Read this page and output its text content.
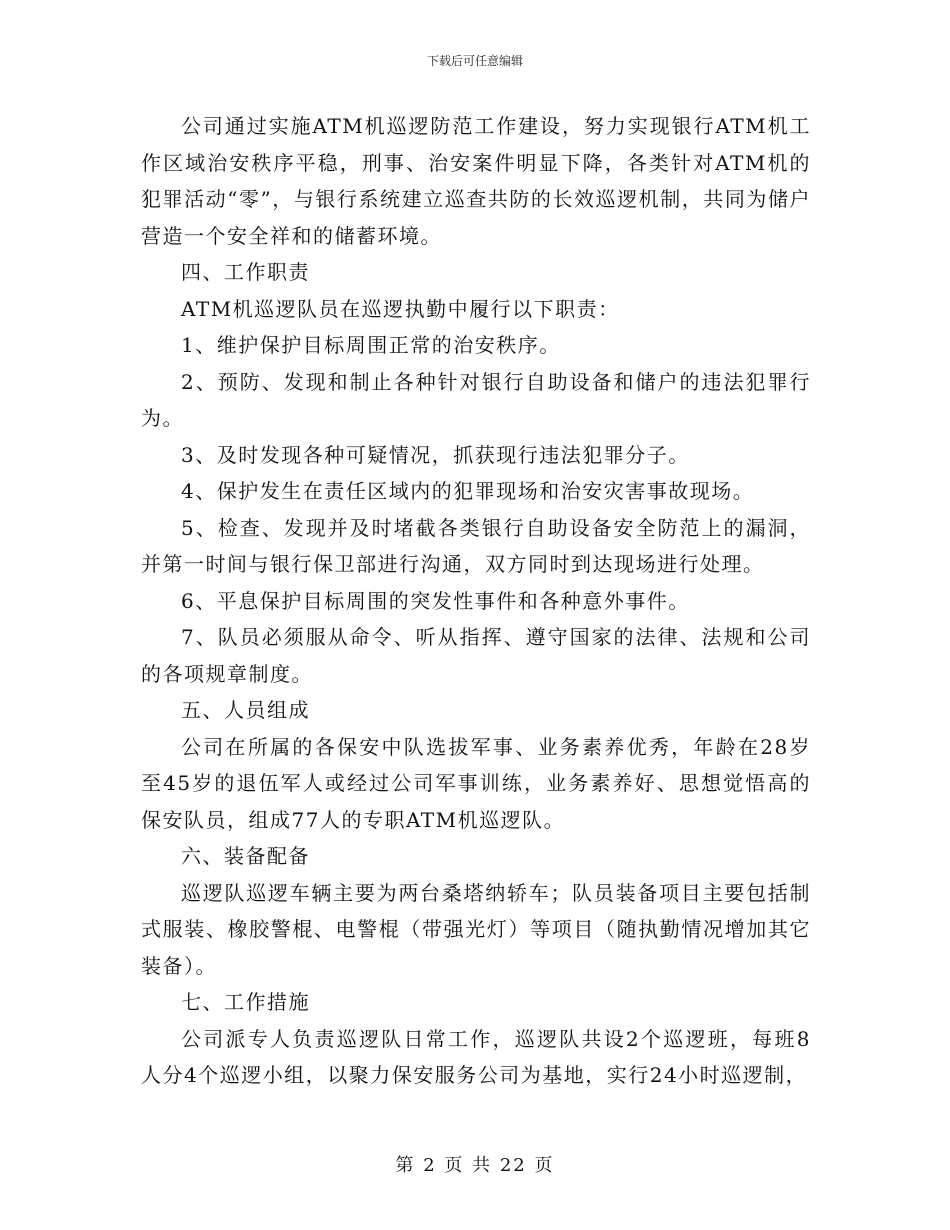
下载后可任意编辑

公司通过实施ATM机巡逻防范工作建设，努力实现银行ATM机工作区域治安秩序平稳，刑事、治安案件明显下降，各类针对ATM机的犯罪活动“零”，与银行系统建立巡查共防的长效巡逻机制，共同为储户营造一个安全祥和的储蓄环境。

四、工作职责

ATM机巡逻队员在巡逻执勤中履行以下职责：

1、维护保护目标周围正常的治安秩序。

2、预防、发现和制止各种针对银行自助设备和储户的违法犯罪行为。

3、及时发现各种可疑情况，抓获现行违法犯罪分子。

4、保护发生在责任区域内的犯罪现场和治安灾害事故现场。

5、检查、发现并及时堵截各类银行自助设备安全防范上的漏洞，并第一时间与银行保卫部进行沟通，双方同时到达现场进行处理。

6、平息保护目标周围的突发性事件和各种意外事件。

7、队员必须服从命令、听从指挥、遵守国家的法律、法规和公司的各项规章制度。

五、人员组成

公司在所属的各保安中队选拔军事、业务素养优秀，年龄在28岁至45岁的退伍军人或经过公司军事训练，业务素养好、思想觉悟高的保安队员，组成77人的专职ATM机巡逻队。

六、装备配备

巡逻队巡逻车辆主要为两台桑塔纳轿车；队员装备项目主要包括制式服装、橡胶警棍、电警棍（带强光灯）等项目（随执勤情况增加其它装备）。

七、工作措施

公司派专人负责巡逻队日常工作，巡逻队共设2个巡逻班，每班8人分4个巡逻小组，以聚力保安服务公司为基地，实行24小时巡逻制，

第 2 页 共 22 页
